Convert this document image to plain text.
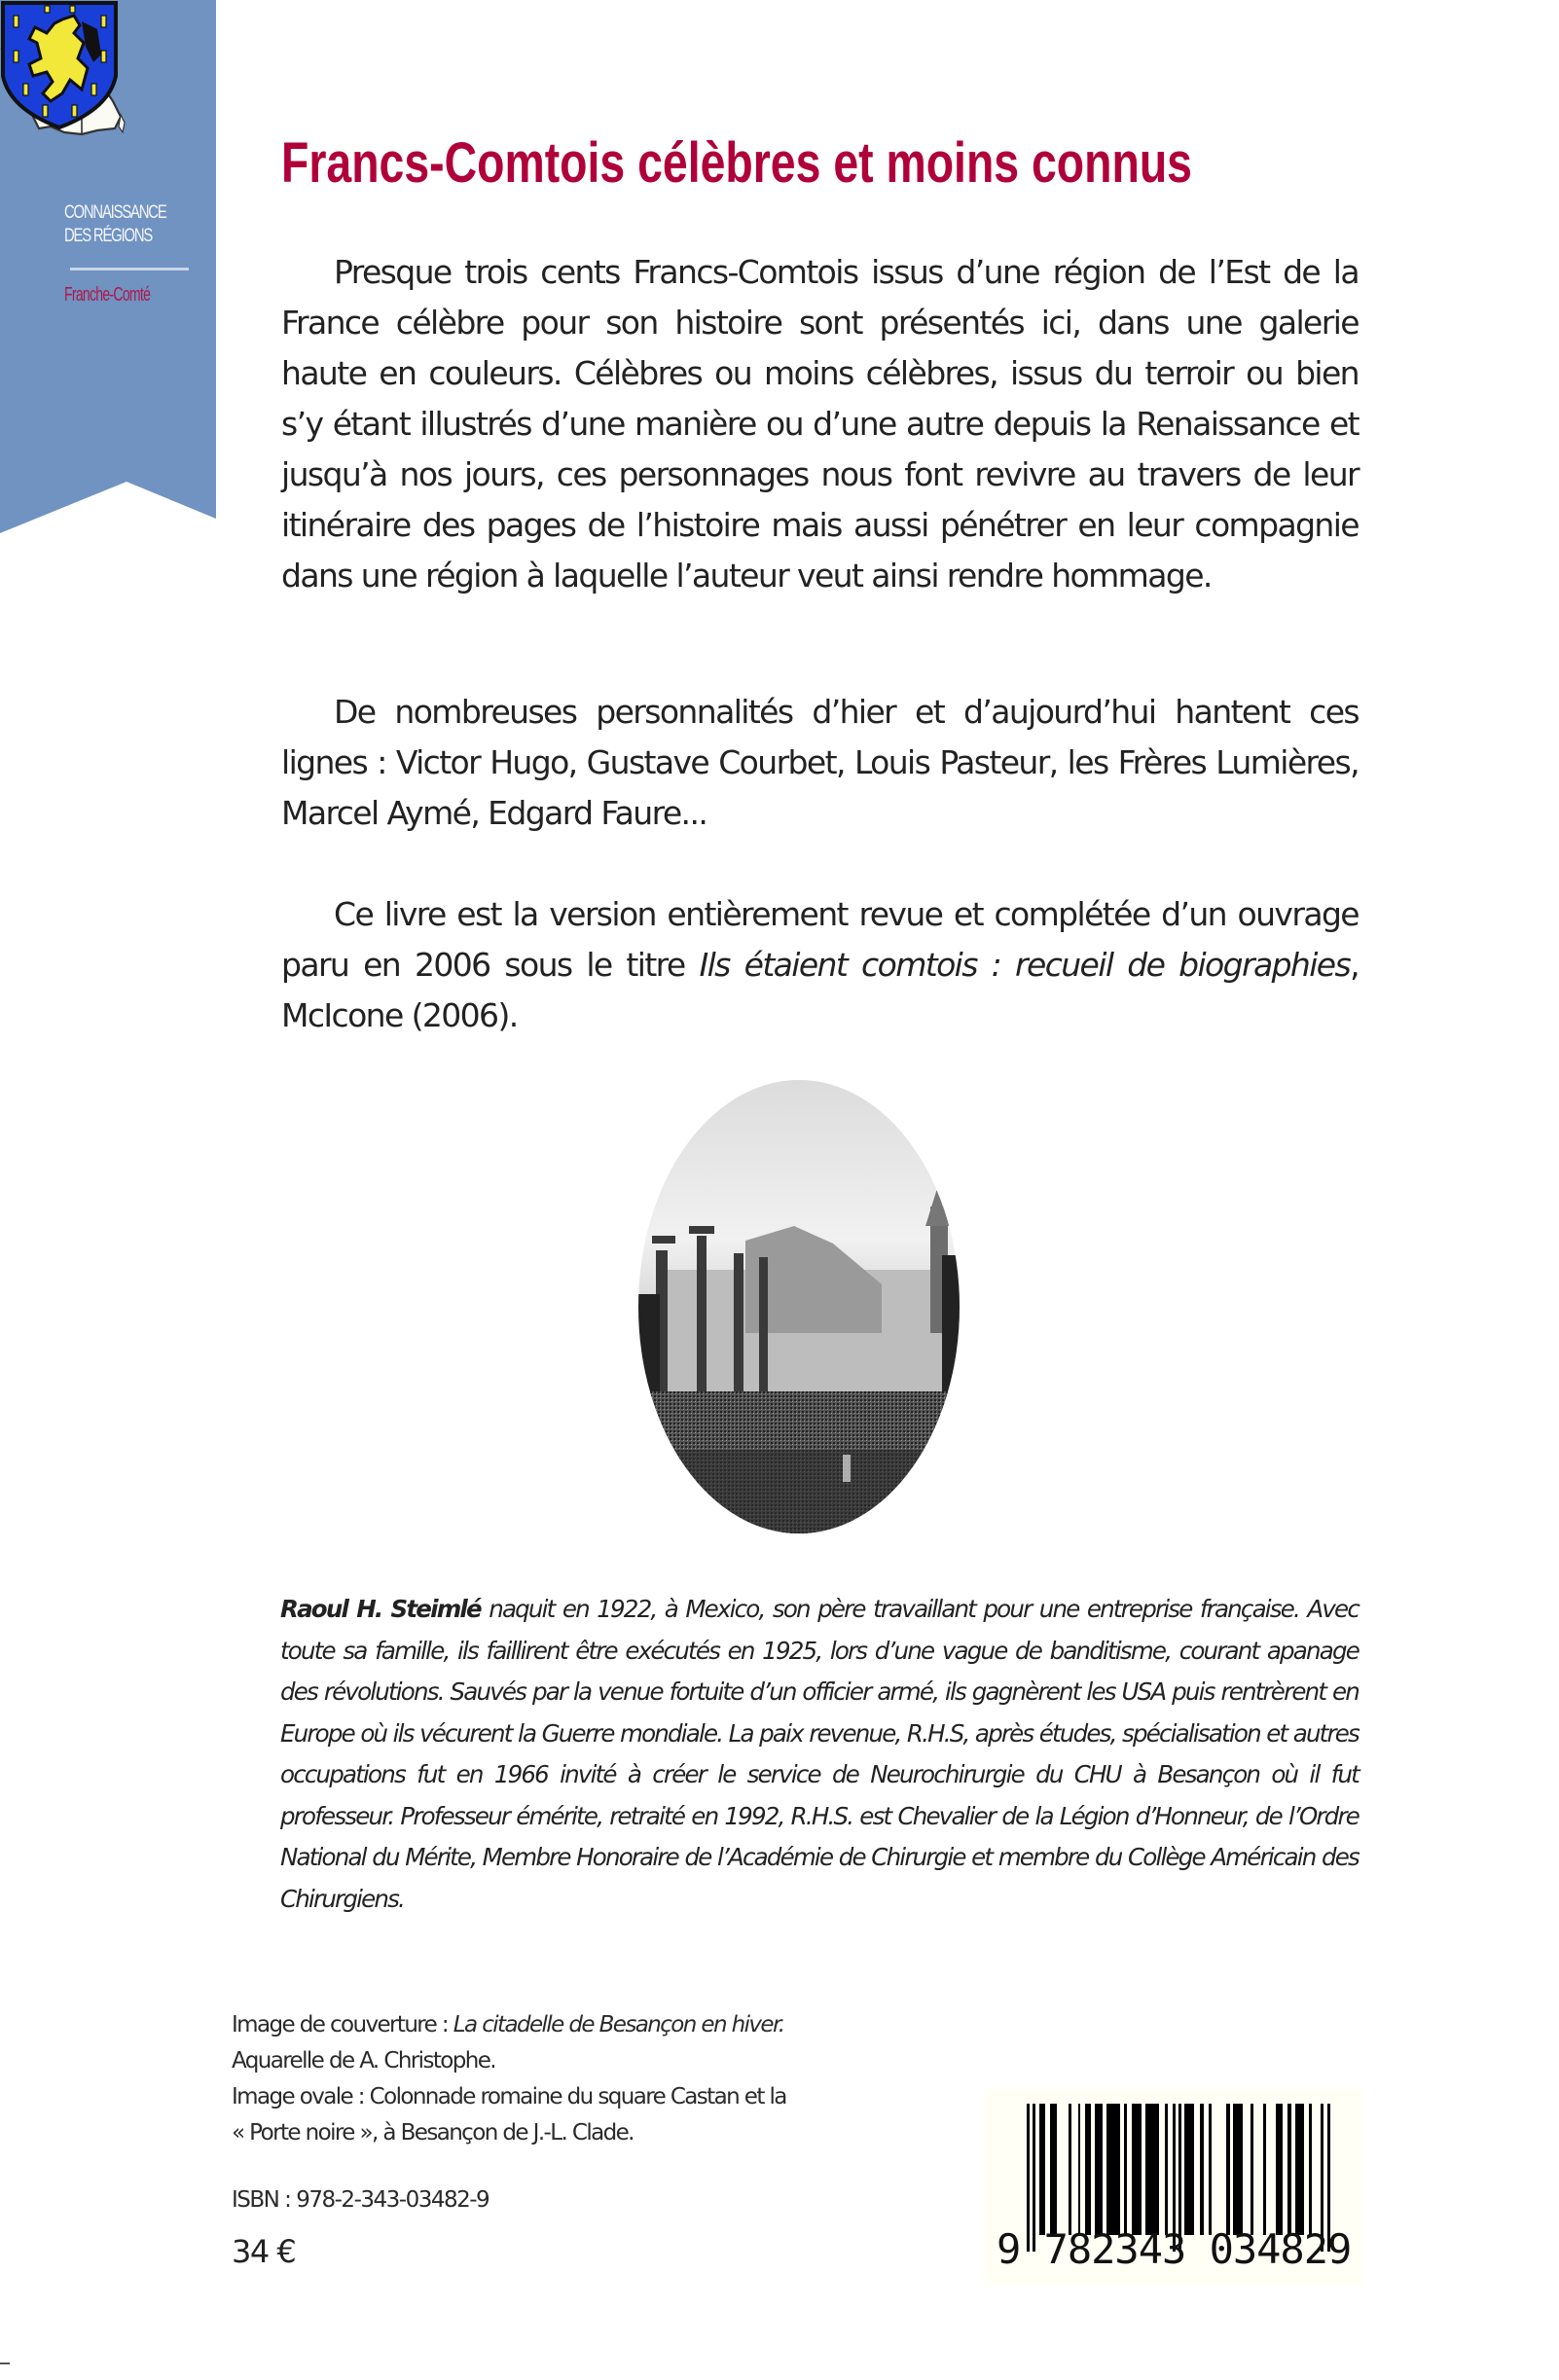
CONNAISSANCE
DES RÉGIONS
Franche-Comté
Francs-Comtois célèbres et moins connus

Presque trois cents Francs-Comtois issus d’une région de l’Est de la France célèbre pour son histoire sont présentés ici, dans une galerie haute en couleurs. Célèbres ou moins célèbres, issus du terroir ou bien s’y étant illustrés d’une manière ou d’une autre depuis la Renaissance et jusqu’à nos jours, ces personnages nous font revivre au travers de leur itinéraire des pages de l’histoire mais aussi pénétrer en leur compagnie dans une région à laquelle l’auteur veut ainsi rendre hommage.

De nombreuses personnalités d’hier et d’aujourd’hui hantent ces lignes : Victor Hugo, Gustave Courbet, Louis Pasteur, les Frères Lumières, Marcel Aymé, Edgard Faure...

Ce livre est la version entièrement revue et complétée d’un ouvrage paru en 2006 sous le titre Ils étaient comtois : recueil de biographies, McIcone (2006).

Raoul H. Steimlé naquit en 1922, à Mexico, son père travaillant pour une entreprise française. Avec toute sa famille, ils faillirent être exécutés en 1925, lors d’une vague de banditisme, courant apanage des révolutions. Sauvés par la venue fortuite d’un officier armé, ils gagnèrent les USA puis rentrèrent en Europe où ils vécurent la Guerre mondiale. La paix revenue, R.H.S, après études, spécialisation et autres occupations fut en 1966 invité à créer le service de Neurochirurgie du CHU à Besançon où il fut professeur. Professeur émérite, retraité en 1992, R.H.S. est Chevalier de la Légion d’Honneur, de l’Ordre National du Mérite, Membre Honoraire de l’Académie de Chirurgie et membre du Collège Américain des Chirurgiens.
Image de couverture : La citadelle de Besançon en hiver.
Aquarelle de A. Christophe.
Image ovale : Colonnade romaine du square Castan et la
« Porte noire », à Besançon de J.-L. Clade.
ISBN : 978-2-343-03482-9
34 €	9 782343 034829
